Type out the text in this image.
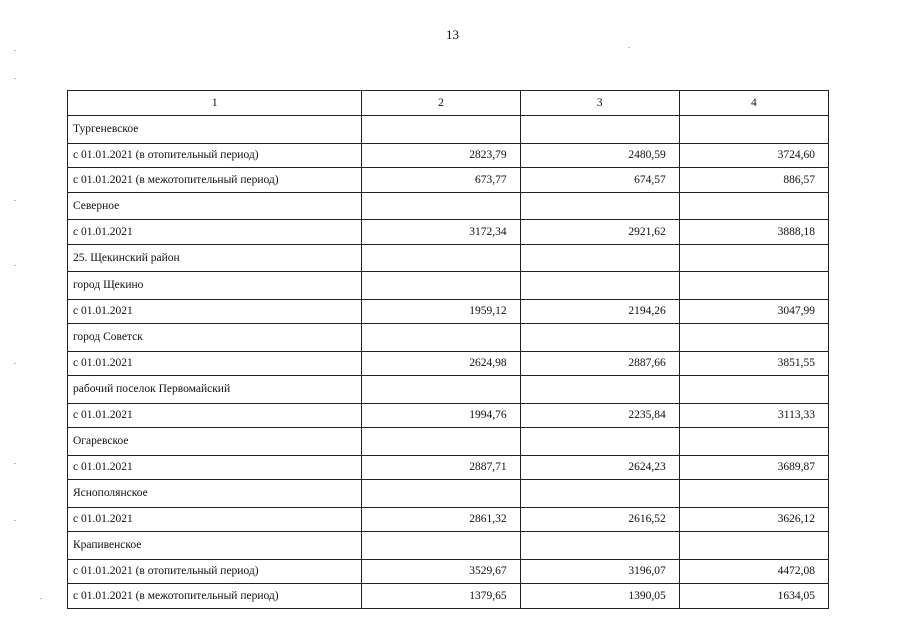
13
1	2	3	4
Тургеневское			
с 01.01.2021 (в отопительный период)	2823,79	2480,59	3724,60
с 01.01.2021 (в межотопительный период)	673,77	674,57	886,57
Северное			
с 01.01.2021	3172,34	2921,62	3888,18
25. Щекинский район			
город Щекино			
с 01.01.2021	1959,12	2194,26	3047,99
город Советск			
с 01.01.2021	2624,98	2887,66	3851,55
рабочий поселок Первомайский			
с 01.01.2021	1994,76	2235,84	3113,33
Огаревское			
с 01.01.2021	2887,71	2624,23	3689,87
Яснополянское			
с 01.01.2021	2861,32	2616,52	3626,12
Крапивенское			
с 01.01.2021 (в отопительный период)	3529,67	3196,07	4472,08
с 01.01.2021 (в межотопительный период)	1379,65	1390,05	1634,05
